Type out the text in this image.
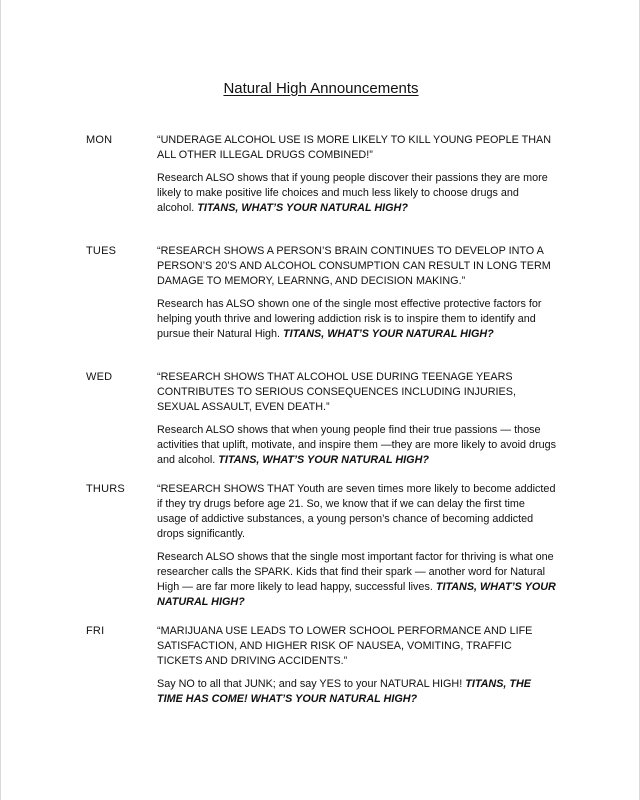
Natural High Announcements
MON	“UNDERAGE ALCOHOL USE IS MORE LIKELY TO KILL YOUNG PEOPLE THAN ALL OTHER ILLEGAL DRUGS COMBINED!”

Research ALSO shows that if young people discover their passions they are more likely to make positive life choices and much less likely to choose drugs and alcohol. TITANS, WHAT’S YOUR NATURAL HIGH?

TUES	“RESEARCH SHOWS A PERSON’S BRAIN CONTINUES TO DEVELOP INTO A PERSON’S 20’S AND ALCOHOL CONSUMPTION CAN RESULT IN LONG TERM DAMAGE TO MEMORY, LEARNNG, AND DECISION MAKING.”

Research has ALSO shown one of the single most effective protective factors for helping youth thrive and lowering addiction risk is to inspire them to identify and pursue their Natural High. TITANS, WHAT’S YOUR NATURAL HIGH?

WED	“RESEARCH SHOWS THAT ALCOHOL USE DURING TEENAGE YEARS CONTRIBUTES TO SERIOUS CONSEQUENCES INCLUDING INJURIES, SEXUAL ASSAULT, EVEN DEATH.”

Research ALSO shows that when young people find their true passions — those activities that uplift, motivate, and inspire them —they are more likely to avoid drugs and alcohol. TITANS, WHAT’S YOUR NATURAL HIGH?

THURS	“RESEARCH SHOWS THAT Youth are seven times more likely to become addicted if they try drugs before age 21. So, we know that if we can delay the first time usage of addictive substances, a young person’s chance of becoming addicted drops significantly.

Research ALSO shows that the single most important factor for thriving is what one researcher calls the SPARK. Kids that find their spark — another word for Natural High — are far more likely to lead happy, successful lives. TITANS, WHAT’S YOUR NATURAL HIGH?

FRI	“MARIJUANA USE LEADS TO LOWER SCHOOL PERFORMANCE AND LIFE SATISFACTION, AND HIGHER RISK OF NAUSEA, VOMITING, TRAFFIC TICKETS AND DRIVING ACCIDENTS.”

Say NO to all that JUNK; and say YES to your NATURAL HIGH! TITANS, THE TIME HAS COME! WHAT’S YOUR NATURAL HIGH?
